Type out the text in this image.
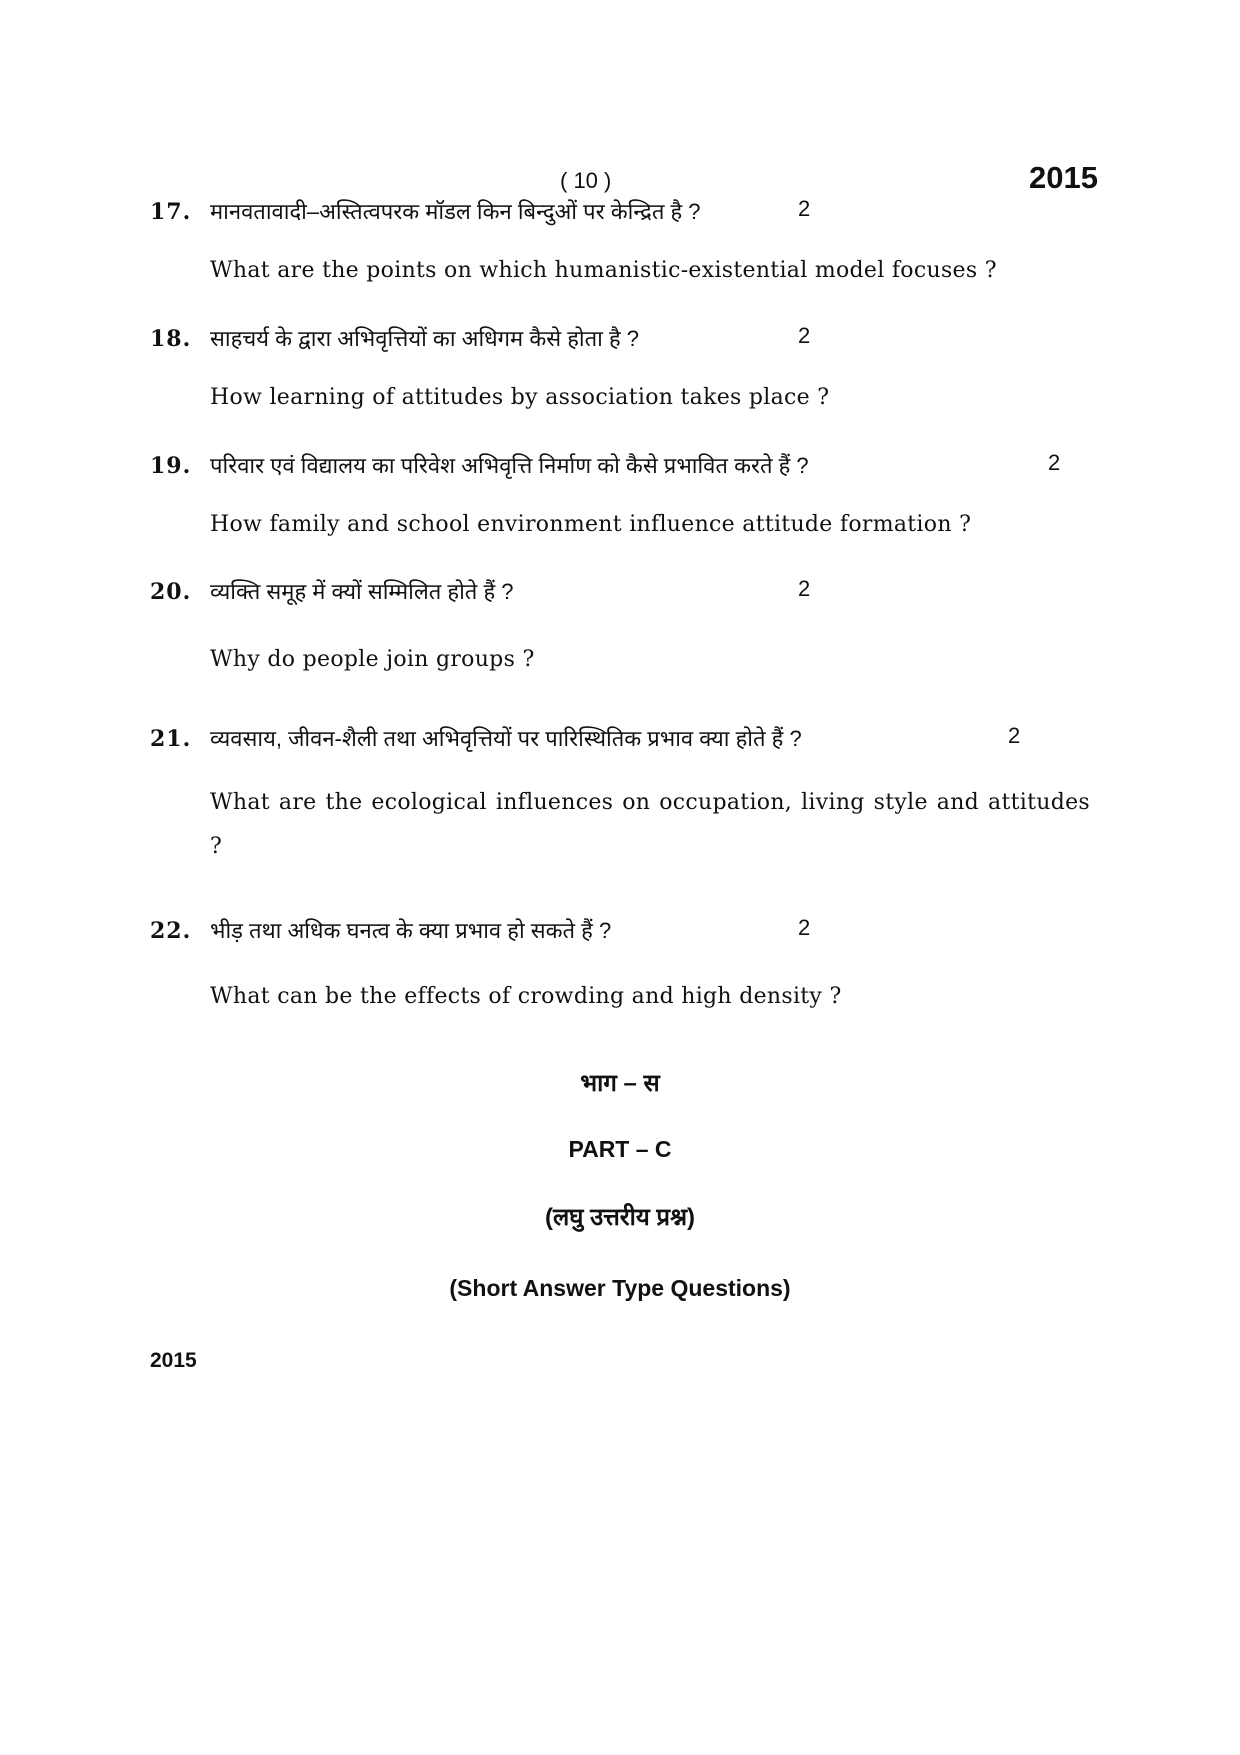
( 10 )	2015
17. मानवतावादी–अस्तित्वपरक मॉडल किन बिन्दुओं पर केन्द्रित है ?	2
What are the points on which humanistic-existential model focuses ?
18. साहचर्य के द्वारा अभिवृत्तियों का अधिगम कैसे होता है ?	2
How learning of attitudes by association takes place ?
19. परिवार एवं विद्यालय का परिवेश अभिवृत्ति निर्माण को कैसे प्रभावित करते हैं ?	2
How family and school environment influence attitude formation ?
20. व्यक्ति समूह में क्यों सम्मिलित होते हैं ?	2
Why do people join groups ?
21. व्यवसाय, जीवन-शैली तथा अभिवृत्तियों पर पारिस्थितिक प्रभाव क्या होते हैं ?	2
What are the ecological influences on occupation, living style and attitudes ?
22. भीड़ तथा अधिक घनत्व के क्या प्रभाव हो सकते हैं ?	2
What can be the effects of crowding and high density ?
भाग – स
PART – C
(लघु उत्तरीय प्रश्न)
(Short Answer Type Questions)
2015
